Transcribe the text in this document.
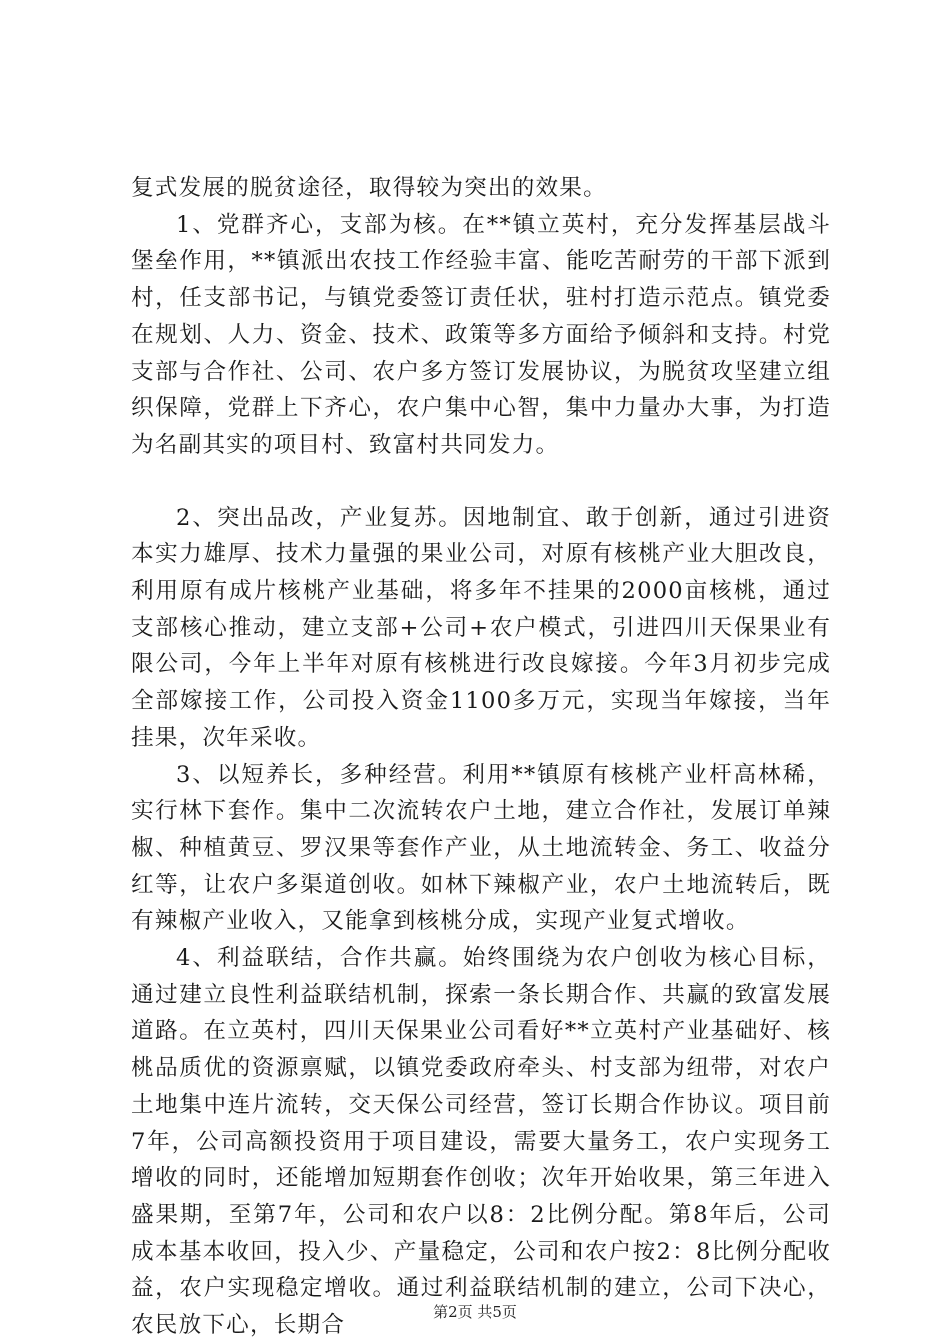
复式发展的脱贫途径，取得较为突出的效果。

1、党群齐心，支部为核。在**镇立英村，充分发挥基层战斗堡垒作用，**镇派出农技工作经验丰富、能吃苦耐劳的干部下派到村，任支部书记，与镇党委签订责任状，驻村打造示范点。镇党委在规划、人力、资金、技术、政策等多方面给予倾斜和支持。村党支部与合作社、公司、农户多方签订发展协议，为脱贫攻坚建立组织保障，党群上下齐心，农户集中心智，集中力量办大事，为打造为名副其实的项目村、致富村共同发力。

2、突出品改，产业复苏。因地制宜、敢于创新，通过引进资本实力雄厚、技术力量强的果业公司，对原有核桃产业大胆改良，利用原有成片核桃产业基础，将多年不挂果的2000亩核桃，通过支部核心推动，建立支部+公司+农户模式，引进四川天保果业有限公司，今年上半年对原有核桃进行改良嫁接。今年3月初步完成全部嫁接工作，公司投入资金1100多万元，实现当年嫁接，当年挂果，次年采收。

3、以短养长，多种经营。利用**镇原有核桃产业杆高林稀，实行林下套作。集中二次流转农户土地，建立合作社，发展订单辣椒、种植黄豆、罗汉果等套作产业，从土地流转金、务工、收益分红等，让农户多渠道创收。如林下辣椒产业，农户土地流转后，既有辣椒产业收入，又能拿到核桃分成，实现产业复式增收。

4、利益联结，合作共赢。始终围绕为农户创收为核心目标，通过建立良性利益联结机制，探索一条长期合作、共赢的致富发展道路。在立英村，四川天保果业公司看好**立英村产业基础好、核桃品质优的资源禀赋，以镇党委政府牵头、村支部为纽带，对农户土地集中连片流转，交天保公司经营，签订长期合作协议。项目前7年，公司高额投资用于项目建设，需要大量务工，农户实现务工增收的同时，还能增加短期套作创收；次年开始收果，第三年进入盛果期，至第7年，公司和农户以8：2比例分配。第8年后，公司成本基本收回，投入少、产量稳定，公司和农户按2：8比例分配收益，农户实现稳定增收。通过利益联结机制的建立，公司下决心，农民放下心，长期合

第2页 共5页
